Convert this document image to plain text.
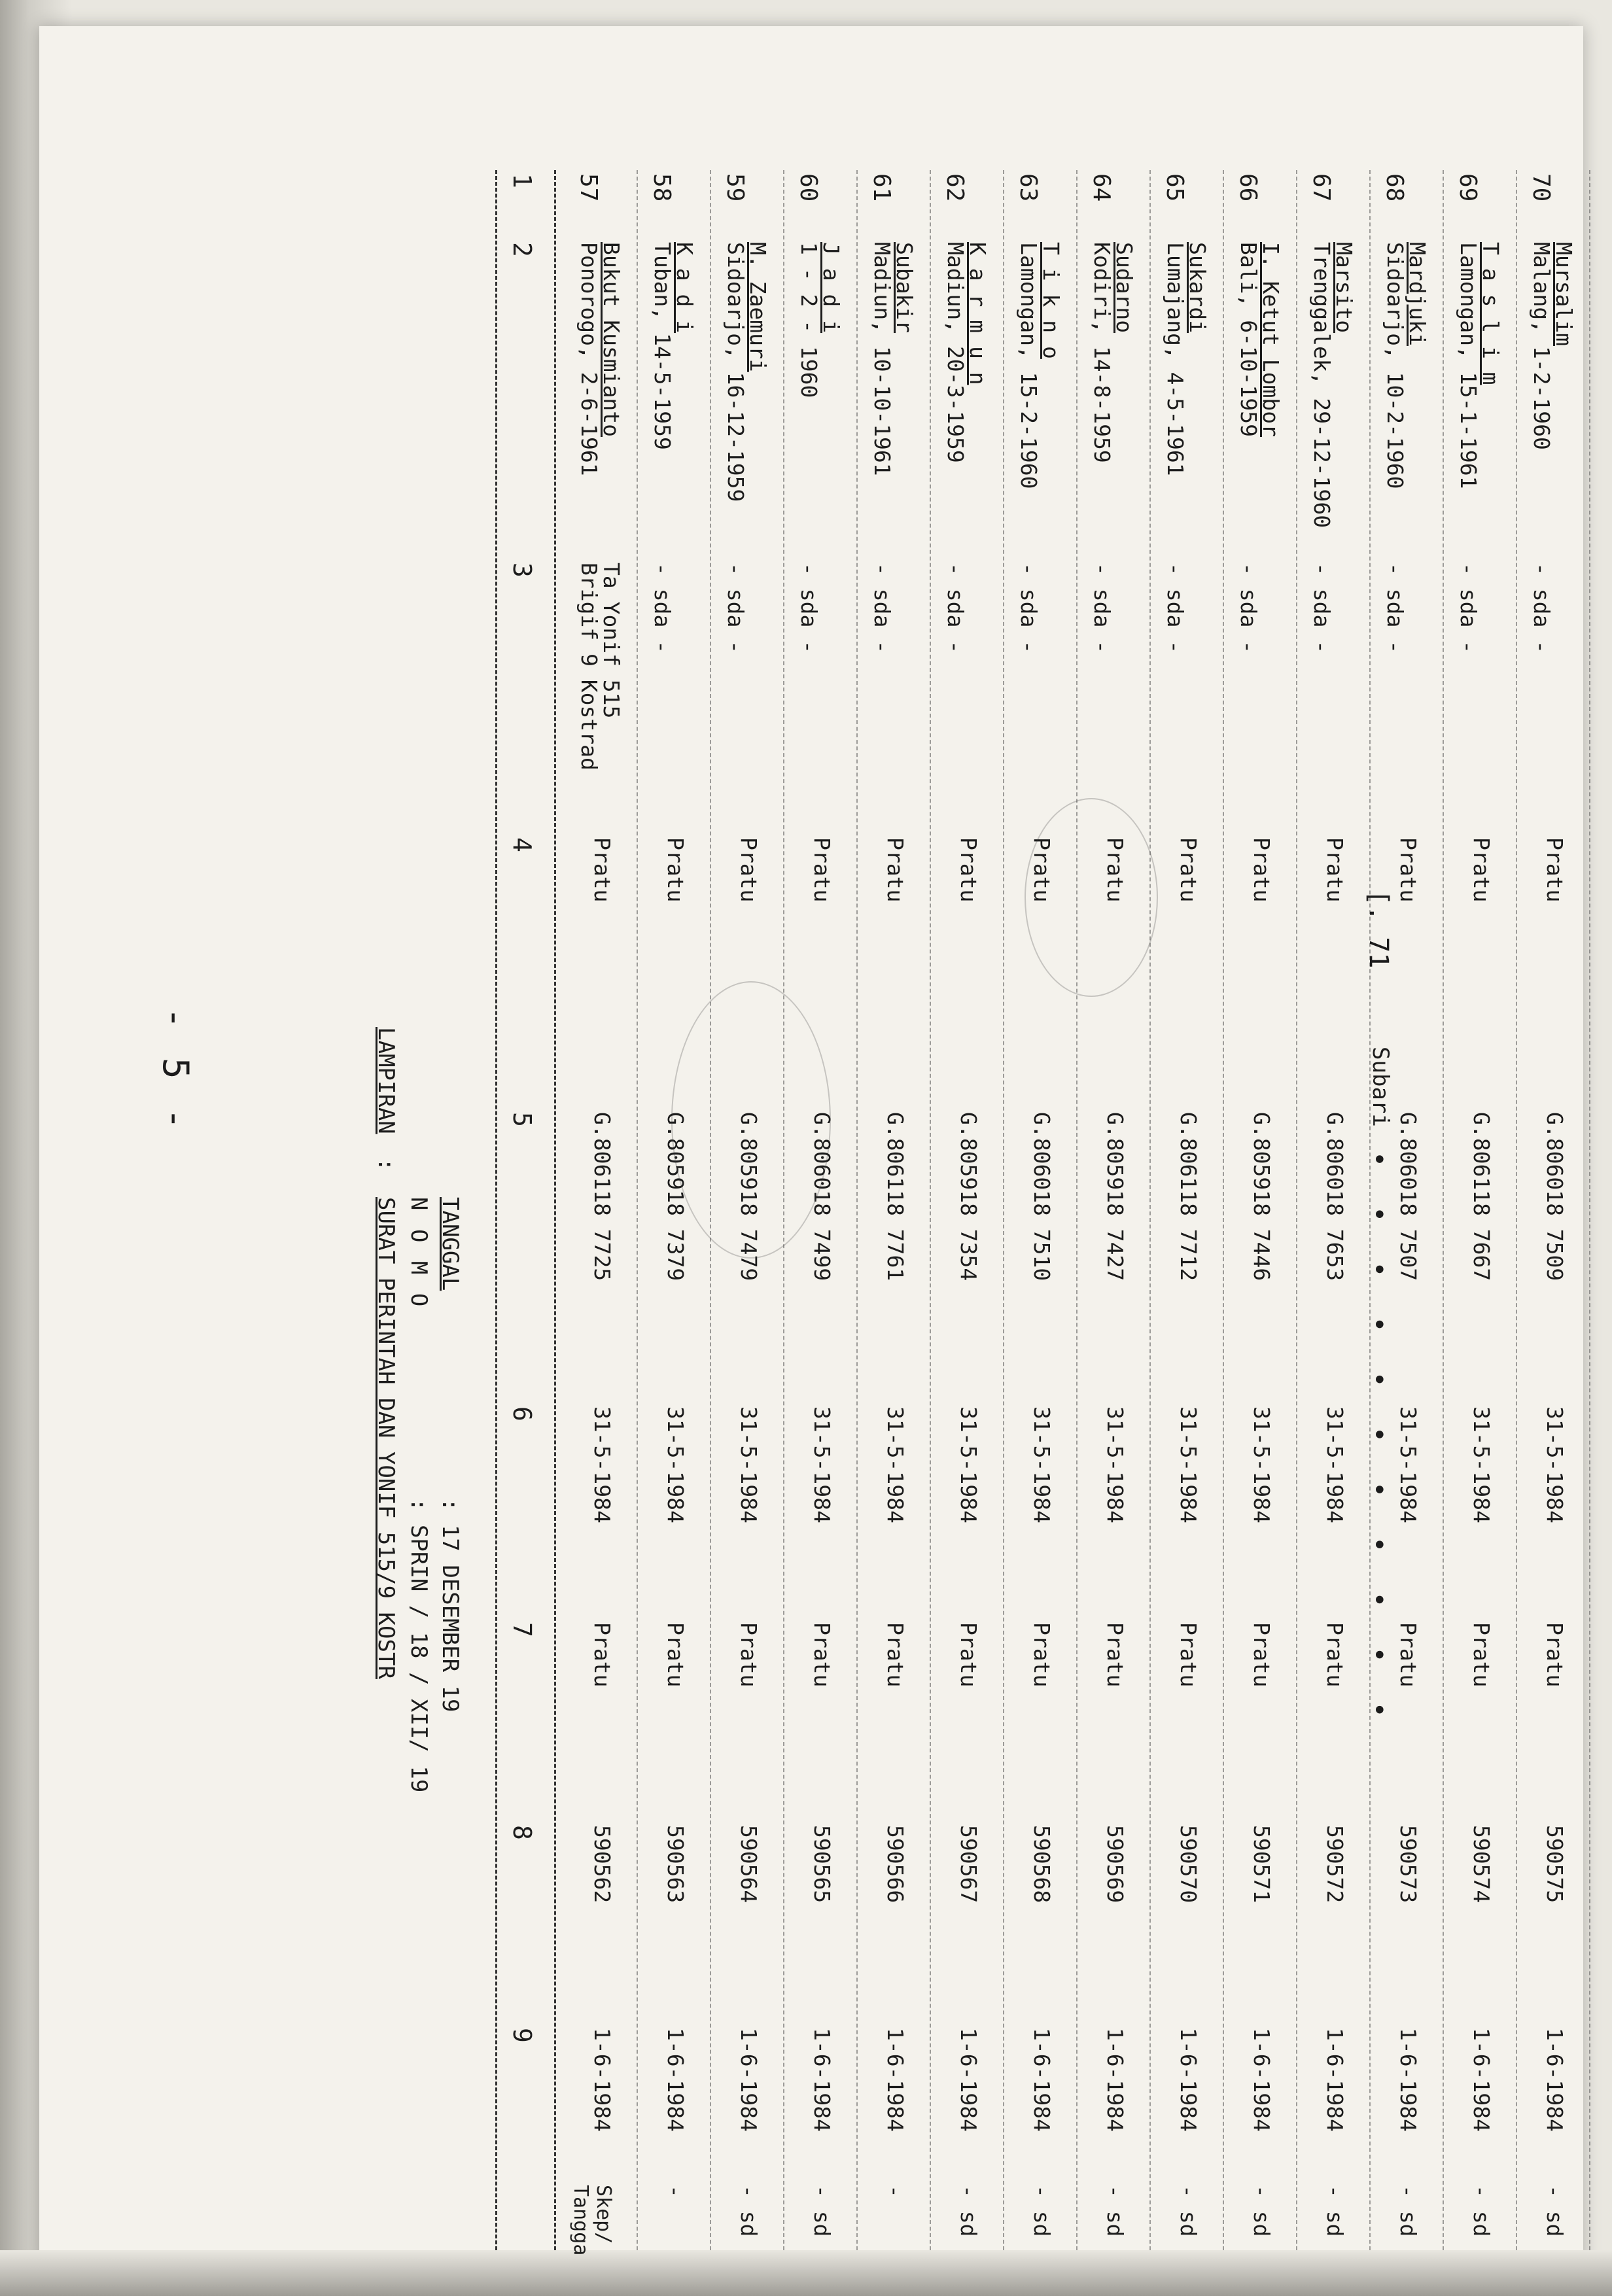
- 5 -	LAMPIRAN
:
SURAT PERINTAH DAN YONIF 515/9 KOSTR N O M O
: SPRIN / 18 / XII/ 19
TANGGAL
: 17 DESEMBER 19
1
2
3
4
5
6
7
8
9
Skep/ Tangga
57
Bukut Kusmianto
Ponorogo, 2-6-1961
Ta Yonif 515
Brigif 9 Kostrad
Pratu
G.806118 7725
31-5-1984
Pratu
590562
1-6-1984
58
K a d i
Tuban, 14-5-1959
- sda -
Pratu
G.805918 7379
31-5-1984
Pratu
590563
1-6-1984
-
59
M. Zaemuri
Sidoarjo, 16-12-1959
- sda -
Pratu
G.805918 7479
31-5-1984
Pratu
590564
1-6-1984
- sd
60
J a d i
1 - 2 - 1960
- sda -
Pratu
G.806018 7499
31-5-1984
Pratu
590565
1-6-1984
- sd
61
Subakir
Madiun, 10-10-1961
- sda -
Pratu
G.806118 7761
31-5-1984
Pratu
590566
1-6-1984
-
62
K a r m u n
Madiun, 20-3-1959
- sda -
Pratu
G.805918 7354
31-5-1984
Pratu
590567
1-6-1984
- sd
63
T i k n o
Lamongan, 15-2-1960
- sda -
Pratu
G.806018 7510
31-5-1984
Pratu
590568
1-6-1984
- sd
64
Sudarno
Kodiri, 14-8-1959
- sda -
Pratu
G.805918 7427
31-5-1984
Pratu
590569
1-6-1984
- sd
65
Sukardi
Lumajang, 4-5-1961
- sda -
Pratu
G.806118 7712
31-5-1984
Pratu
590570
1-6-1984
- sd
66
I. Ketut Lombor
Bali, 6-10-1959
- sda -
Pratu
G.805918 7446
31-5-1984
Pratu
590571
1-6-1984
- sd
67
Marsito
Trenggalek, 29-12-1960
- sda -
Pratu
G.806018 7653
31-5-1984
Pratu
590572
1-6-1984
- sd
68
Mardjuki
Sidoarjo, 10-2-1960
- sda -
Pratu
G.806018 7507
31-5-1984
Pratu
590573
1-6-1984
- sd
69
T a s l i m
Lamongan, 15-1-1961
- sda -
Pratu
G.806118 7667
31-5-1984
Pratu
590574
1-6-1984
- sd
70
Mursalim
Malang, 1-2-1960
- sda -
Pratu
G.806018 7509
31-5-1984
Pratu
590575
1-6-1984
- sd
[. 71
Subari
• • • • • • • • • • •
